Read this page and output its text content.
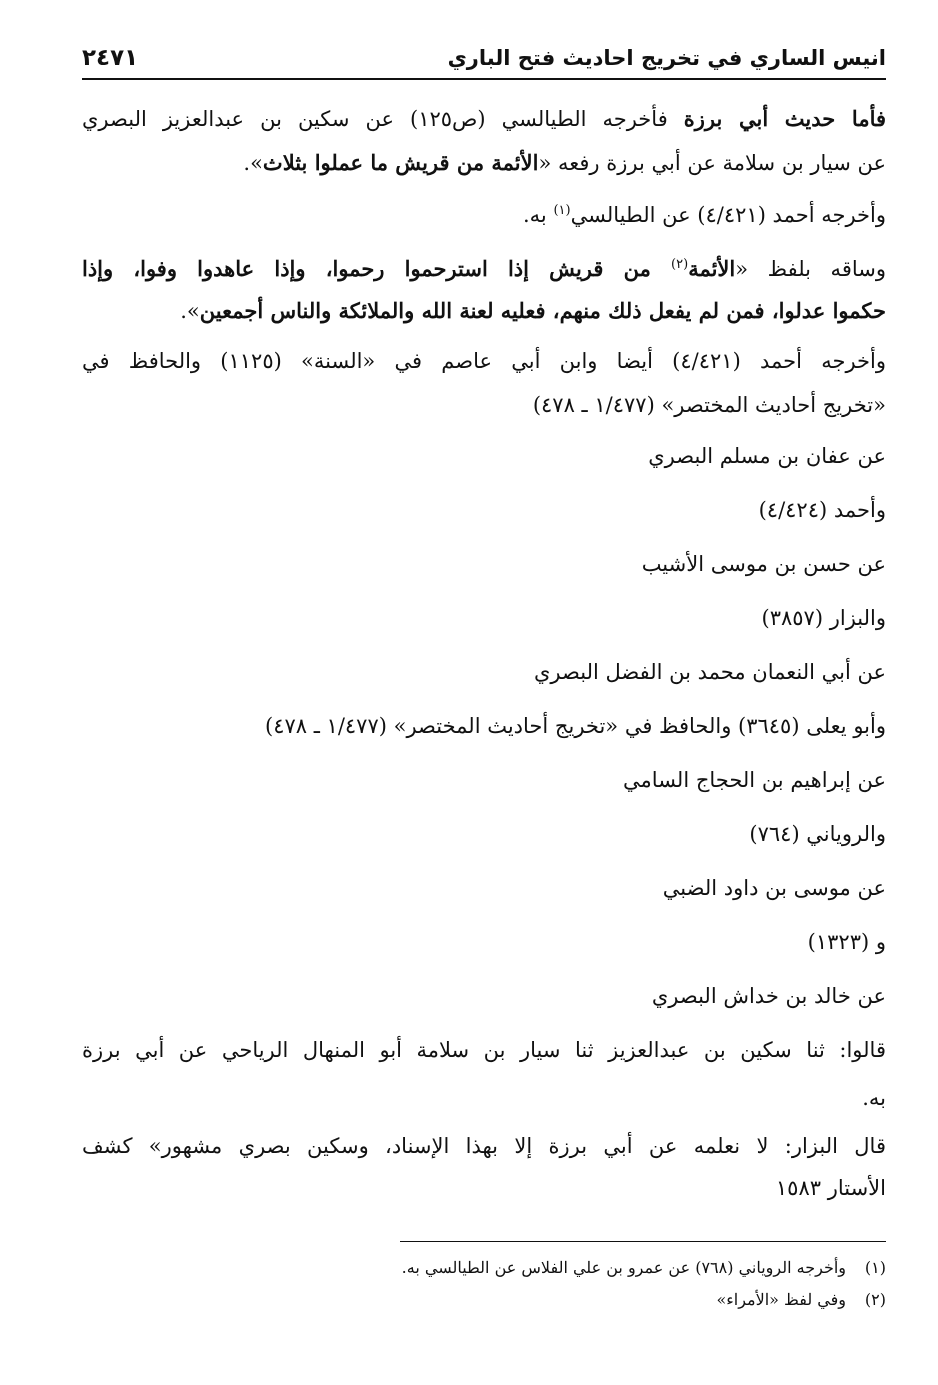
انيس الساري في تخريج احاديث فتح الباري
٢٤٧١
فأما حديث أبي برزة فأخرجه الطيالسي (ص١٢٥) عن سكين بن عبدالعزيز البصري
عن سيار بن سلامة عن أبي برزة رفعه «الأئمة من قريش ما عملوا بثلاث».
وأخرجه أحمد (٤/٤٢١) عن الطيالسي$^{(١)}$ به.
وساقه بلفظ «الأئمة$^{(٢)}$ من قريش إذا استرحموا رحموا، وإذا عاهدوا وفوا، وإذا
حكموا عدلوا، فمن لم يفعل ذلك منهم، فعليه لعنة الله والملائكة والناس أجمعين».
وأخرجه أحمد (٤/٤٢١) أيضا وابن أبي عاصم في «السنة» (١١٢٥) والحافظ في
«تخريج أحاديث المختصر» (١/٤٧٧ ـ ٤٧٨)
عن عفان بن مسلم البصري
وأحمد (٤/٤٢٤)
عن حسن بن موسى الأشيب
والبزار (٣٨٥٧)
عن أبي النعمان محمد بن الفضل البصري
وأبو يعلى (٣٦٤٥) والحافظ في «تخريج أحاديث المختصر» (١/٤٧٧ ـ ٤٧٨)
عن إبراهيم بن الحجاج السامي
والروياني (٧٦٤)
عن موسى بن داود الضبي
و (١٣٢٣)
عن خالد بن خداش البصري
قالوا: ثنا سكين بن عبدالعزيز ثنا سيار بن سلامة أبو المنهال الرياحي عن أبي برزة
به.
قال البزار: لا نعلمه عن أبي برزة إلا بهذا الإسناد، وسكين بصري مشهور» كشف
الأستار ١٥٨٣
(١)وأخرجه الروياني (٧٦٨) عن عمرو بن علي الفلاس عن الطيالسي به.
(٢)وفي لفظ «الأمراء»
